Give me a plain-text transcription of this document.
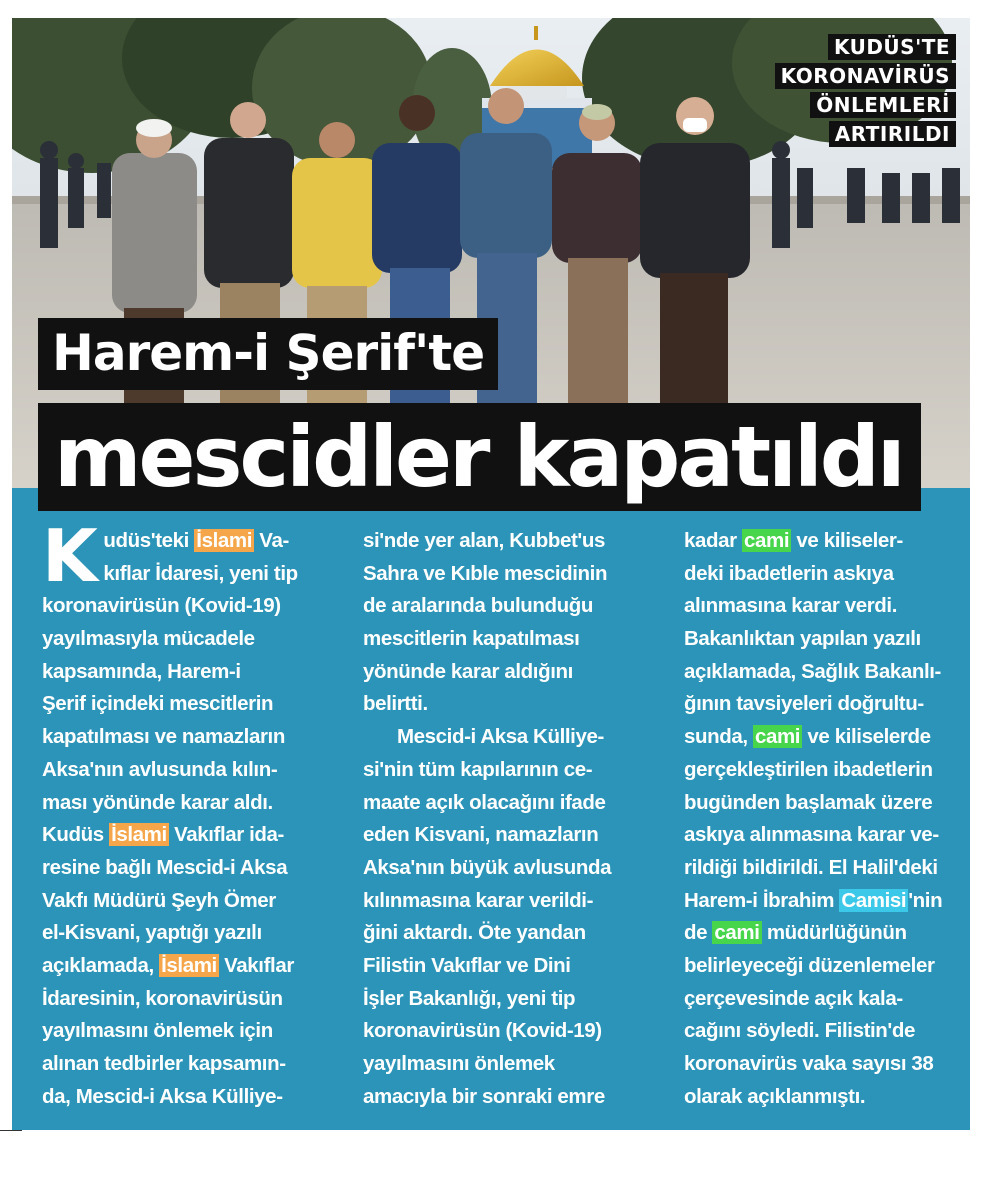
KUDÜS'TE
KORONAVİRÜS
ÖNLEMLERİ
ARTIRILDI
Harem-i Şerif'te
mescidler kapatıldı
K udüs'teki İslami Va-
kıflar İdaresi, yeni tip
koronavirüsün (Kovid-19)
yayılmasıyla mücadele
kapsamında, Harem-i
Şerif içindeki mescitlerin
kapatılması ve namazların
Aksa'nın avlusunda kılın-
ması yönünde karar aldı.
Kudüs İslami Vakıflar ida-
resine bağlı Mescid-i Aksa
Vakfı Müdürü Şeyh Ömer
el-Kisvani, yaptığı yazılı
açıklamada, İslami Vakıflar
İdaresinin, koronavirüsün
yayılmasını önlemek için
alınan tedbirler kapsamın-
da, Mescid-i Aksa Külliye-
si'nde yer alan, Kubbet'us
Sahra ve Kıble mescidinin
de aralarında bulunduğu
mescitlerin kapatılması
yönünde karar aldığını
belirtti.
Mescid-i Aksa Külliye-
si'nin tüm kapılarının ce-
maate açık olacağını ifade
eden Kisvani, namazların
Aksa'nın büyük avlusunda
kılınmasına karar verildi-
ğini aktardı. Öte yandan
Filistin Vakıflar ve Dini
İşler Bakanlığı, yeni tip
koronavirüsün (Kovid-19)
yayılmasını önlemek
amacıyla bir sonraki emre
kadar cami ve kiliseler-
deki ibadetlerin askıya
alınmasına karar verdi.
Bakanlıktan yapılan yazılı
açıklamada, Sağlık Bakanlı-
ğının tavsiyeleri doğrultu-
sunda, cami ve kiliselerde
gerçekleştirilen ibadetlerin
bugünden başlamak üzere
askıya alınmasına karar ve-
rildiği bildirildi. El Halil'deki
Harem-i İbrahim Camisi'nin
de cami müdürlüğünün
belirleyeceği düzenlemeler
çerçevesinde açık kala-
cağını söyledi. Filistin'de
koronavirüs vaka sayısı 38
olarak açıklanmıştı.
